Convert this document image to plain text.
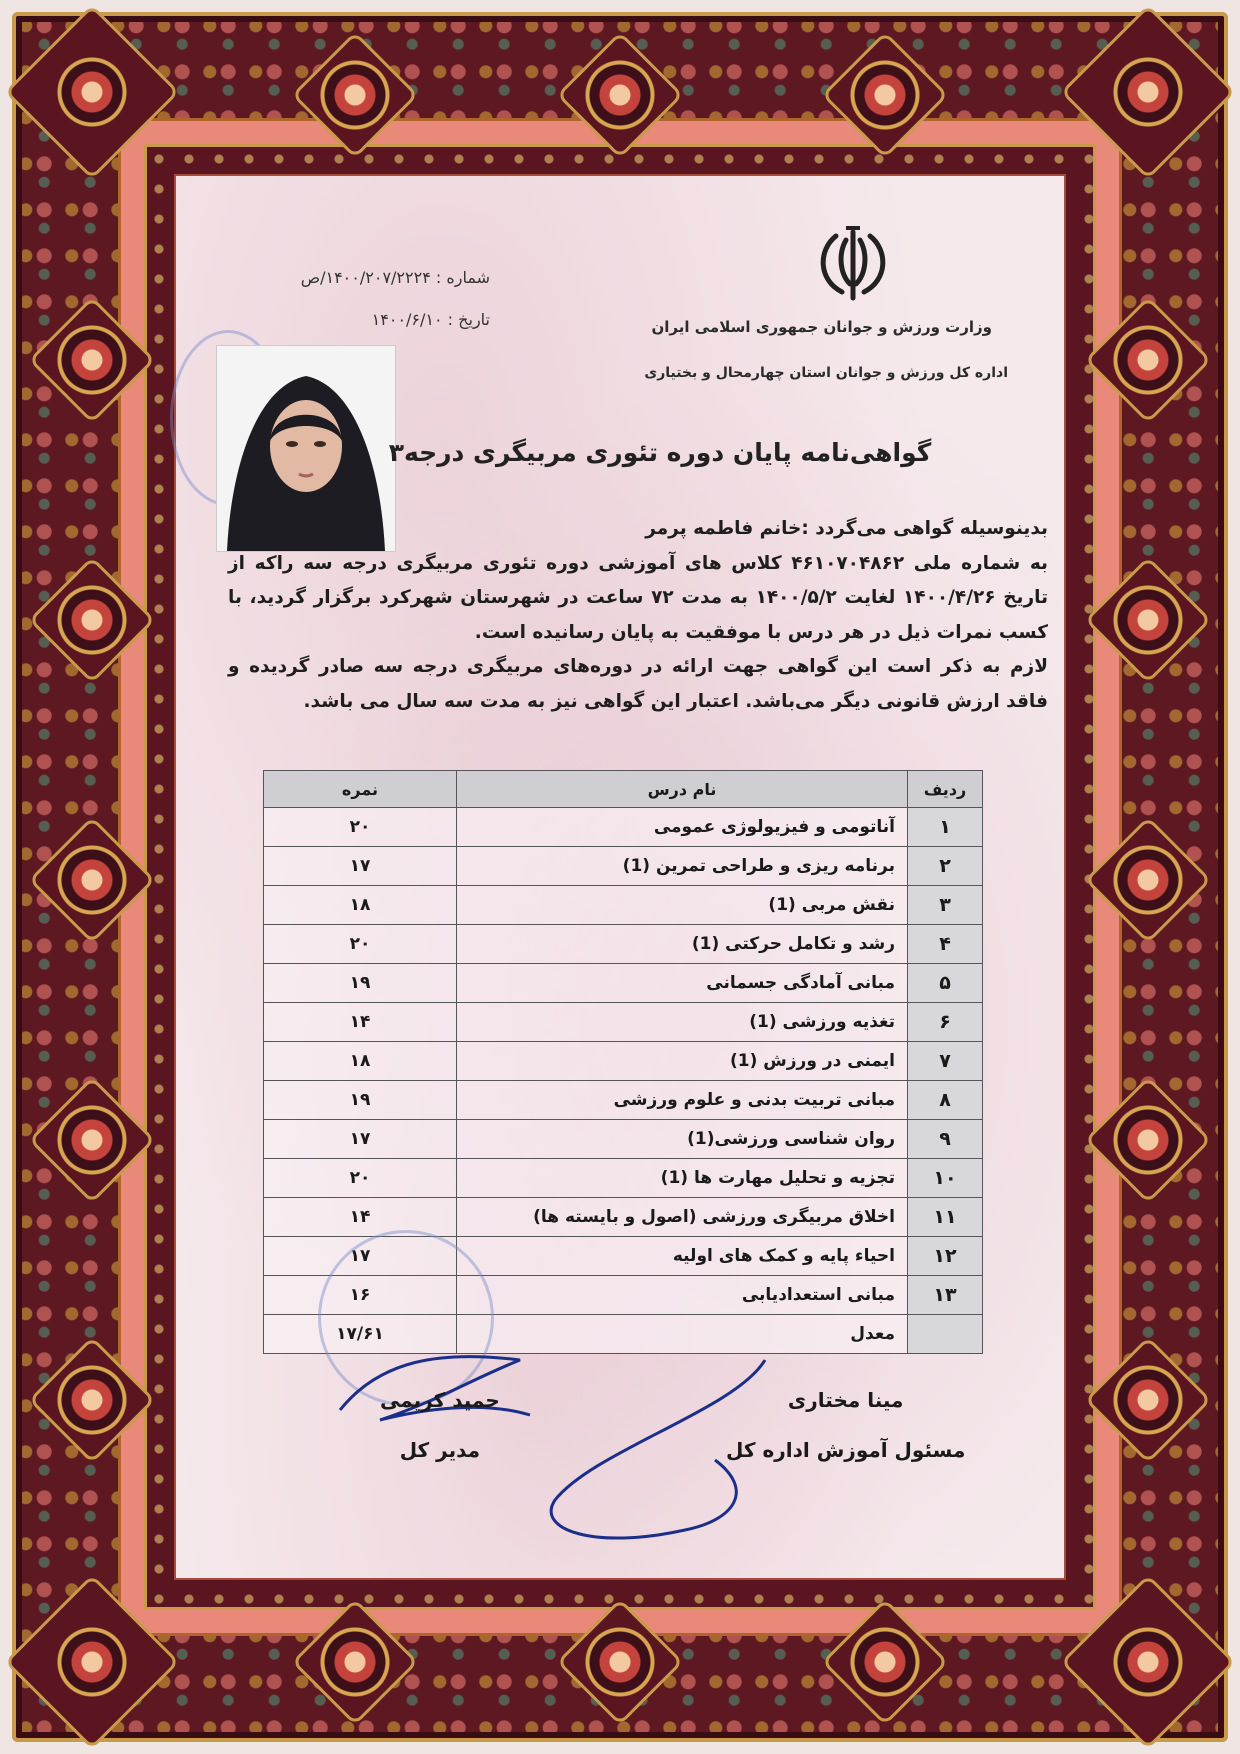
وزارت ورزش و جوانان جمهوری اسلامی ایران
اداره کل ورزش و جوانان استان چهارمحال و بختیاری
شماره : ۱۴۰۰/۲۰۷/۲۲۲۴/ص
تاریخ : ۱۴۰۰/۶/۱۰
گواهی‌نامه پایان دوره تئوری مربیگری درجه۳

بدینوسیله گواهی می‌گردد :خانم فاطمه پرمر

به شماره ملی ۴۶۱۰۷۰۴۸۶۲ کلاس های آموزشی دوره تئوری مربیگری درجه سه راکه از تاریخ ۱۴۰۰/۴/۲۶ لغایت ۱۴۰۰/۵/۲ به مدت ۷۲ ساعت در شهرستان شهرکرد برگزار گردید، با کسب نمرات ذیل در هر درس با موفقیت به پایان رسانیده است.

لازم به ذکر است این گواهی جهت ارائه در دوره‌های مربیگری درجه سه صادر گردیده و فاقد ارزش قانونی دیگر می‌باشد. اعتبار این گواهی نیز به مدت سه سال می باشد.

ردیف	نام درس	نمره
۱	آناتومی و فیزیولوژی عمومی	۲۰
۲	برنامه ریزی و طراحی تمرین (1)	۱۷
۳	نقش مربی (1)	۱۸
۴	رشد و تکامل حرکتی (1)	۲۰
۵	مبانی آمادگی جسمانی	۱۹
۶	تغذیه ورزشی (1)	۱۴
۷	ایمنی در ورزش (1)	۱۸
۸	مبانی تربیت بدنی و علوم ورزشی	۱۹
۹	روان شناسی ورزشی(1)	۱۷
۱۰	تجزیه و تحلیل مهارت ها (1)	۲۰
۱۱	اخلاق مربیگری ورزشی (اصول و بایسته ها)	۱۴
۱۲	احیاء پایه و کمک های اولیه	۱۷
۱۳	مبانی استعدادیابی	۱۶
	معدل	۱۷/۶۱
حمید کریمی
مدیر کل
مینا مختاری
مسئول آموزش اداره کل
